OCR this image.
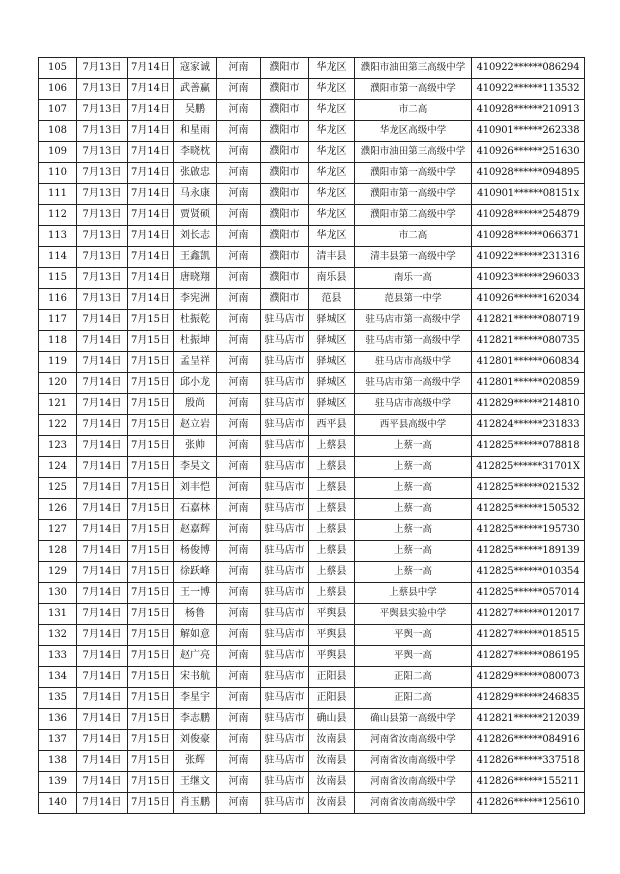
105	7月13日	7月14日	寇家诚	河南	濮阳市	华龙区	濮阳市油田第三高级中学	410922******086294
106	7月13日	7月14日	武善赢	河南	濮阳市	华龙区	濮阳市第一高级中学	410922******113532
107	7月13日	7月14日	吴鹏	河南	濮阳市	华龙区	市二高	410928******210913
108	7月13日	7月14日	和星雨	河南	濮阳市	华龙区	华龙区高级中学	410901******262338
109	7月13日	7月14日	李晓枕	河南	濮阳市	华龙区	濮阳市油田第三高级中学	410926******251630
110	7月13日	7月14日	张啟忠	河南	濮阳市	华龙区	濮阳市第一高级中学	410928******094895
111	7月13日	7月14日	马永康	河南	濮阳市	华龙区	濮阳市第一高级中学	410901******08151x
112	7月13日	7月14日	贾贤硕	河南	濮阳市	华龙区	濮阳市第二高级中学	410928******254879
113	7月13日	7月14日	刘长志	河南	濮阳市	华龙区	市二高	410928******066371
114	7月13日	7月14日	王鑫凯	河南	濮阳市	清丰县	清丰县第一高级中学	410922******231316
115	7月13日	7月14日	唐晓翔	河南	濮阳市	南乐县	南乐一高	410923******296033
116	7月13日	7月14日	李宪洲	河南	濮阳市	范县	范县第一中学	410926******162034
117	7月14日	7月15日	杜振乾	河南	驻马店市	驿城区	驻马店市第一高级中学	412821******080719
118	7月14日	7月15日	杜振坤	河南	驻马店市	驿城区	驻马店市第一高级中学	412821******080735
119	7月14日	7月15日	孟呈祥	河南	驻马店市	驿城区	驻马店市高级中学	412801******060834
120	7月14日	7月15日	邱小龙	河南	驻马店市	驿城区	驻马店市第一高级中学	412801******020859
121	7月14日	7月15日	殷尚	河南	驻马店市	驿城区	驻马店市高级中学	412829******214810
122	7月14日	7月15日	赵立岩	河南	驻马店市	西平县	西平县高级中学	412824******231833
123	7月14日	7月15日	张帅	河南	驻马店市	上蔡县	上蔡一高	412825******078818
124	7月14日	7月15日	李昊文	河南	驻马店市	上蔡县	上蔡一高	412825******31701X
125	7月14日	7月15日	刘丰恺	河南	驻马店市	上蔡县	上蔡一高	412825******021532
126	7月14日	7月15日	石嘉林	河南	驻马店市	上蔡县	上蔡一高	412825******150532
127	7月14日	7月15日	赵嘉辉	河南	驻马店市	上蔡县	上蔡一高	412825******195730
128	7月14日	7月15日	杨俊博	河南	驻马店市	上蔡县	上蔡一高	412825******189139
129	7月14日	7月15日	徐跃峰	河南	驻马店市	上蔡县	上蔡一高	412825******010354
130	7月14日	7月15日	王一博	河南	驻马店市	上蔡县	上蔡县中学	412825******057014
131	7月14日	7月15日	杨鲁	河南	驻马店市	平舆县	平舆县实验中学	412827******012017
132	7月14日	7月15日	解如意	河南	驻马店市	平舆县	平舆一高	412827******018515
133	7月14日	7月15日	赵广亮	河南	驻马店市	平舆县	平舆一高	412827******086195
134	7月14日	7月15日	宋书航	河南	驻马店市	正阳县	正阳二高	412829******080073
135	7月14日	7月15日	李星宇	河南	驻马店市	正阳县	正阳二高	412829******246835
136	7月14日	7月15日	李志鹏	河南	驻马店市	确山县	确山县第一高级中学	412821******212039
137	7月14日	7月15日	刘俊豪	河南	驻马店市	汝南县	河南省汝南高级中学	412826******084916
138	7月14日	7月15日	张辉	河南	驻马店市	汝南县	河南省汝南高级中学	412826******337518
139	7月14日	7月15日	王继文	河南	驻马店市	汝南县	河南省汝南高级中学	412826******155211
140	7月14日	7月15日	肖玉鹏	河南	驻马店市	汝南县	河南省汝南高级中学	412826******125610
